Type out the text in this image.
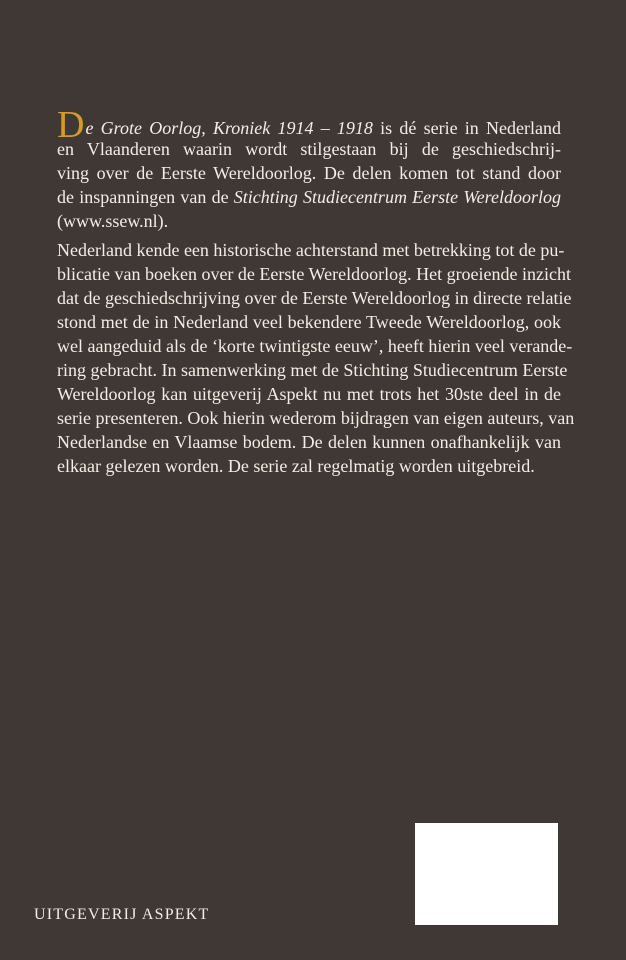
De Grote Oorlog, Kroniek 1914 – 1918 is dé serie in Nederland
en Vlaanderen waarin wordt stilgestaan bij de geschiedschrij-
ving over de Eerste Wereldoorlog. De delen komen tot stand door
de inspanningen van de Stichting Studiecentrum Eerste Wereldoorlog
(www.ssew.nl).
Nederland kende een historische achterstand met betrekking tot de pu-
blicatie van boeken over de Eerste Wereldoorlog. Het groeiende inzicht
dat de geschiedschrijving over de Eerste Wereldoorlog in directe relatie
stond met de in Nederland veel bekendere Tweede Wereldoorlog, ook
wel aangeduid als de ‘korte twintigste eeuw’, heeft hierin veel verande-
ring gebracht. In samenwerking met de Stichting Studiecentrum Eerste
Wereldoorlog kan uitgeverij Aspekt nu met trots het 30ste deel in de
serie presenteren. Ook hierin wederom bijdragen van eigen auteurs, van
Nederlandse en Vlaamse bodem. De delen kunnen onafhankelijk van
elkaar gelezen worden. De serie zal regelmatig worden uitgebreid.

UITGEVERIJ ASPEKT
